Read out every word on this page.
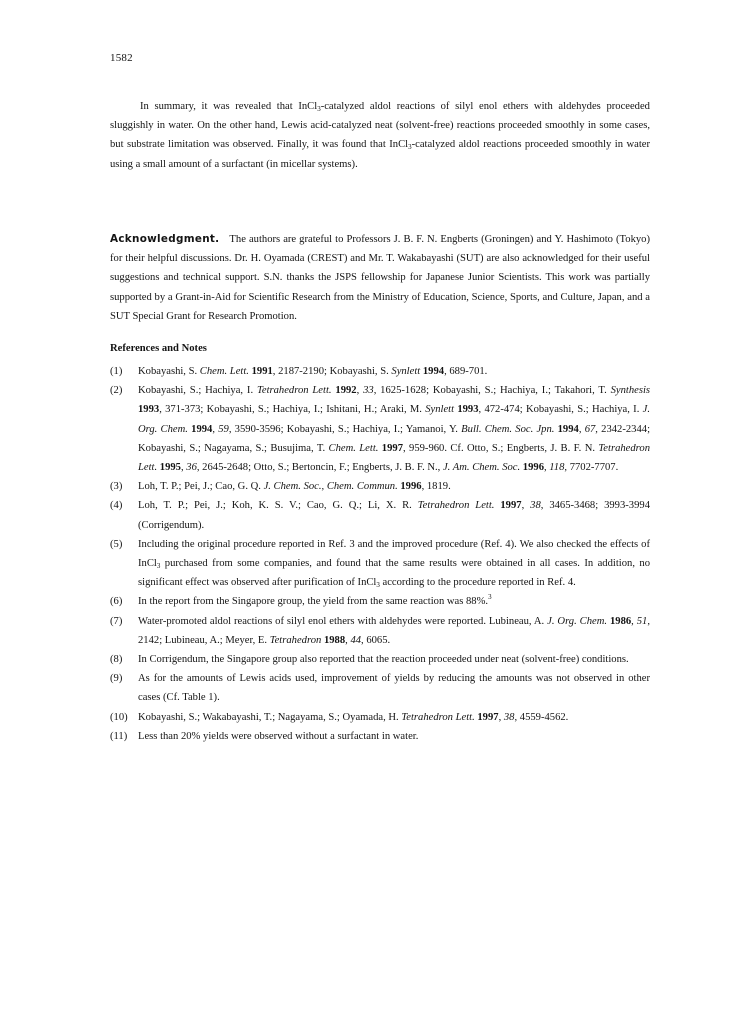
1582

In summary, it was revealed that InCl$_3$-catalyzed aldol reactions of silyl enol ethers with aldehydes proceeded sluggishly in water. On the other hand, Lewis acid-catalyzed neat (solvent-free) reactions proceeded smoothly in some cases, but substrate limitation was observed. Finally, it was found that InCl$_3$-catalyzed aldol reactions proceeded smoothly in water using a small amount of a surfactant (in micellar systems).

Acknowledgment. The authors are grateful to Professors J. B. F. N. Engberts (Groningen) and Y. Hashimoto (Tokyo) for their helpful discussions. Dr. H. Oyamada (CREST) and Mr. T. Wakabayashi (SUT) are also acknowledged for their useful suggestions and technical support. S.N. thanks the JSPS fellowship for Japanese Junior Scientists. This work was partially supported by a Grant-in-Aid for Scientific Research from the Ministry of Education, Science, Sports, and Culture, Japan, and a SUT Special Grant for Research Promotion.

References and Notes
(1) Kobayashi, S. Chem. Lett. 1991, 2187-2190; Kobayashi, S. Synlett 1994, 689-701.
(2) Kobayashi, S.; Hachiya, I. Tetrahedron Lett. 1992, 33, 1625-1628; Kobayashi, S.; Hachiya, I.; Takahori, T. Synthesis 1993, 371-373; Kobayashi, S.; Hachiya, I.; Ishitani, H.; Araki, M. Synlett 1993, 472-474; Kobayashi, S.; Hachiya, I. J. Org. Chem. 1994, 59, 3590-3596; Kobayashi, S.; Hachiya, I.; Yamanoi, Y. Bull. Chem. Soc. Jpn. 1994, 67, 2342-2344; Kobayashi, S.; Nagayama, S.; Busujima, T. Chem. Lett. 1997, 959-960. Cf. Otto, S.; Engberts, J. B. F. N. Tetrahedron Lett. 1995, 36, 2645-2648; Otto, S.; Bertoncin, F.; Engberts, J. B. F. N., J. Am. Chem. Soc. 1996, 118, 7702-7707.
(3) Loh, T. P.; Pei, J.; Cao, G. Q. J. Chem. Soc., Chem. Commun. 1996, 1819.
(4) Loh, T. P.; Pei, J.; Koh, K. S. V.; Cao, G. Q.; Li, X. R. Tetrahedron Lett. 1997, 38, 3465-3468; 3993-3994 (Corrigendum).
(5) Including the original procedure reported in Ref. 3 and the improved procedure (Ref. 4). We also checked the effects of InCl$_3$ purchased from some companies, and found that the same results were obtained in all cases. In addition, no significant effect was observed after purification of InCl$_3$ according to the procedure reported in Ref. 4.
(6) In the report from the Singapore group, the yield from the same reaction was 88%.$^3$
(7) Water-promoted aldol reactions of silyl enol ethers with aldehydes were reported. Lubineau, A. J. Org. Chem. 1986, 51, 2142; Lubineau, A.; Meyer, E. Tetrahedron 1988, 44, 6065.
(8) In Corrigendum, the Singapore group also reported that the reaction proceeded under neat (solvent-free) conditions.
(9) As for the amounts of Lewis acids used, improvement of yields by reducing the amounts was not observed in other cases (Cf. Table 1).
(10) Kobayashi, S.; Wakabayashi, T.; Nagayama, S.; Oyamada, H. Tetrahedron Lett. 1997, 38, 4559-4562.
(11) Less than 20% yields were observed without a surfactant in water.
